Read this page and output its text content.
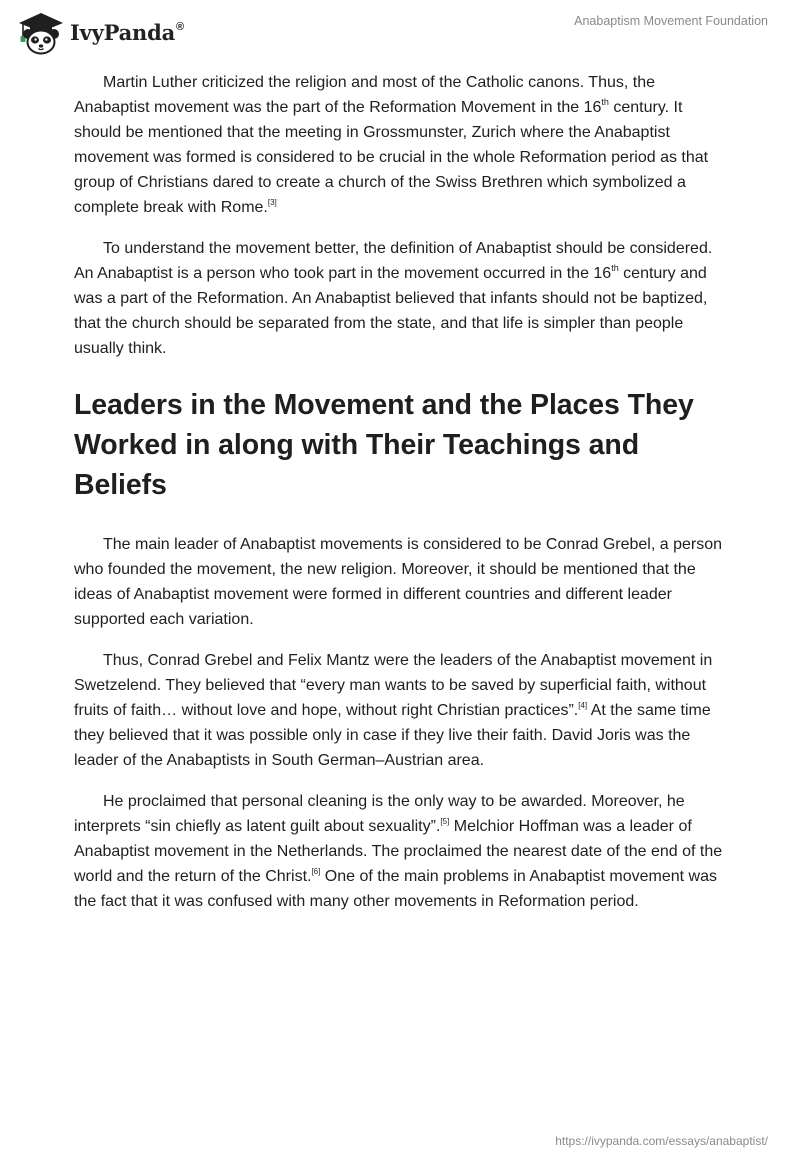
IvyPanda®	Anabaptism Movement Foundation

Martin Luther criticized the religion and most of the Catholic canons. Thus, the Anabaptist movement was the part of the Reformation Movement in the 16th century. It should be mentioned that the meeting in Grossmunster, Zurich where the Anabaptist movement was formed is considered to be crucial in the whole Reformation period as that group of Christians dared to create a church of the Swiss Brethren which symbolized a complete break with Rome.[3]

To understand the movement better, the definition of Anabaptist should be considered. An Anabaptist is a person who took part in the movement occurred in the 16th century and was a part of the Reformation. An Anabaptist believed that infants should not be baptized, that the church should be separated from the state, and that life is simpler than people usually think.

Leaders in the Movement and the Places They Worked in along with Their Teachings and Beliefs

The main leader of Anabaptist movements is considered to be Conrad Grebel, a person who founded the movement, the new religion. Moreover, it should be mentioned that the ideas of Anabaptist movement were formed in different countries and different leader supported each variation.

Thus, Conrad Grebel and Felix Mantz were the leaders of the Anabaptist movement in Swetzelend. They believed that “every man wants to be saved by superficial faith, without fruits of faith… without love and hope, without right Christian practices”.[4] At the same time they believed that it was possible only in case if they live their faith. David Joris was the leader of the Anabaptists in South German–Austrian area.

He proclaimed that personal cleaning is the only way to be awarded. Moreover, he interprets “sin chiefly as latent guilt about sexuality”.[5] Melchior Hoffman was a leader of Anabaptist movement in the Netherlands. The proclaimed the nearest date of the end of the world and the return of the Christ.[6] One of the main problems in Anabaptist movement was the fact that it was confused with many other movements in Reformation period.

https://ivypanda.com/essays/anabaptist/
